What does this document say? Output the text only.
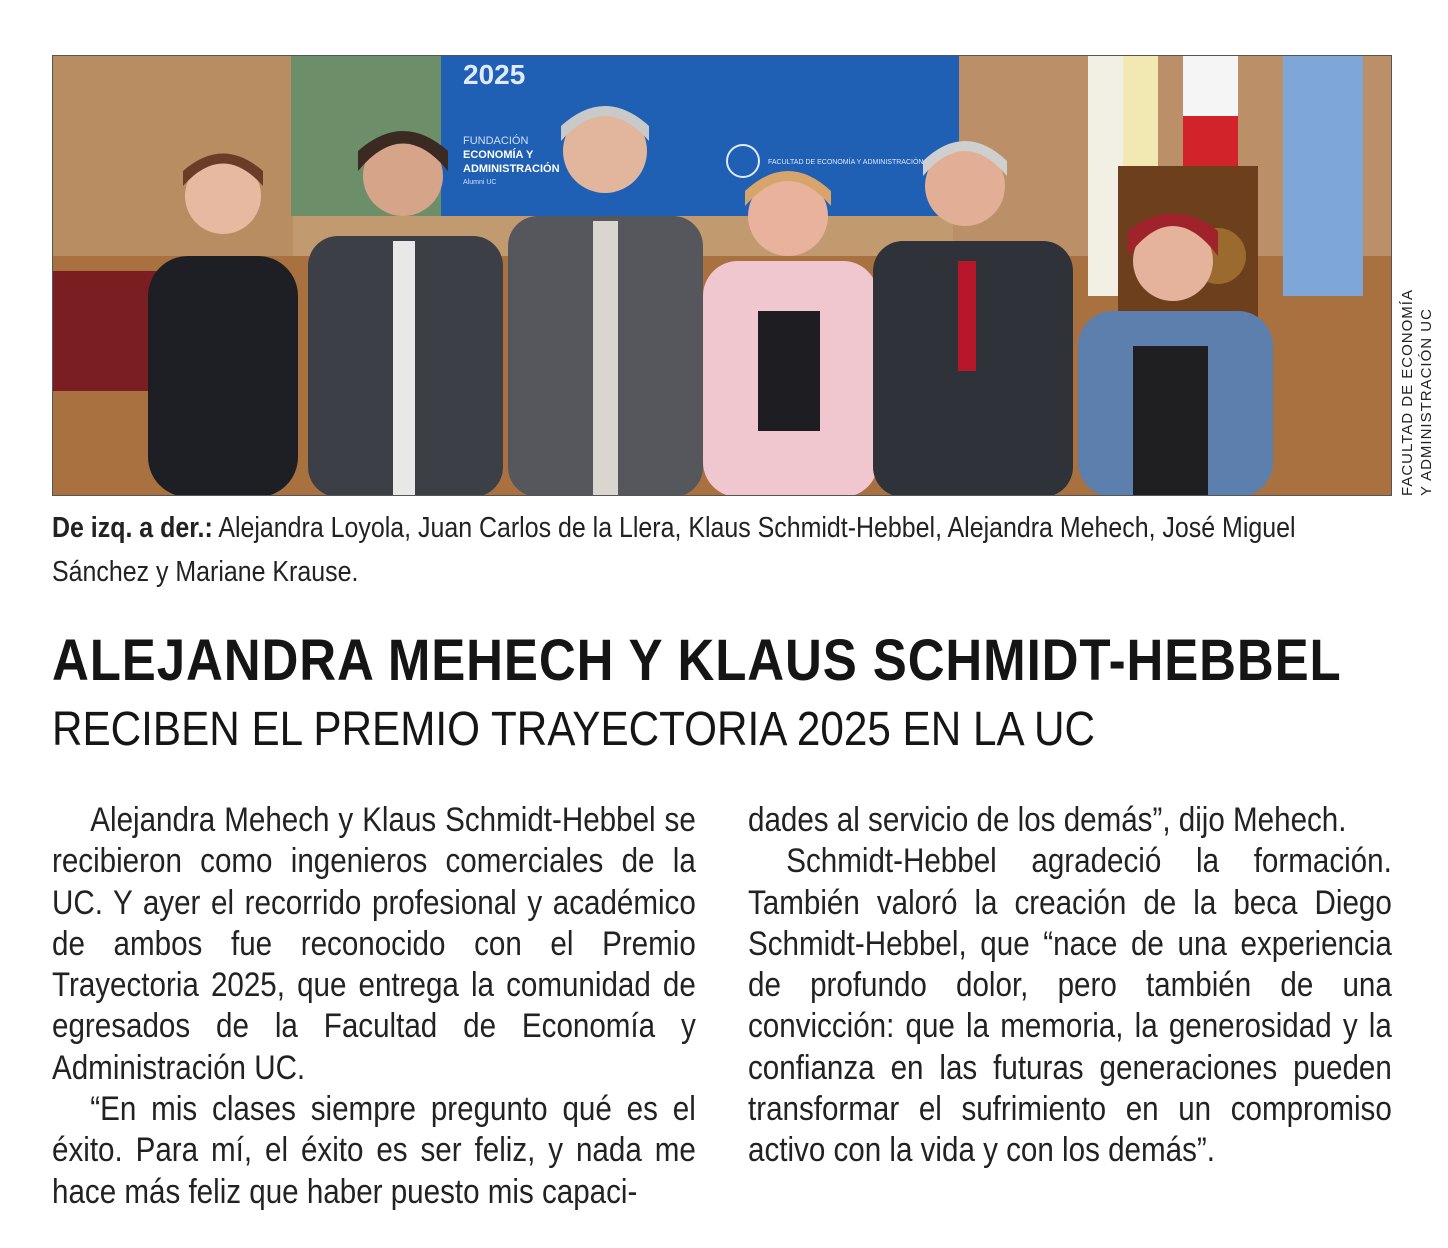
2025
FUNDACIÓN
ECONOMÍA Y
ADMINISTRACIÓN
Alumni UC
FACULTAD DE ECONOMÍA Y ADMINISTRACIÓN
FACULTAD DE ECONOMÍA Y ADMINISTRACIÓN UC
De izq. a der.: Alejandra Loyola, Juan Carlos de la Llera, Klaus Schmidt-Hebbel, Alejandra Mehech, José Miguel Sánchez y Mariane Krause.
ALEJANDRA MEHECH Y KLAUS SCHMIDT-HEBBEL
RECIBEN EL PREMIO TRAYECTORIA 2025 EN LA UC

Alejandra Mehech y Klaus Schmidt-Hebbel se recibieron como ingenieros comerciales de la UC. Y ayer el recorrido profesional y académico de ambos fue reconocido con el Premio Trayectoria 2025, que entrega la comunidad de egresados de la Facultad de Economía y Administración UC.

“En mis clases siempre pregunto qué es el éxito. Para mí, el éxito es ser feliz, y nada me hace más feliz que haber puesto mis capaci-

dades al servicio de los demás”, dijo Mehech.

Schmidt-Hebbel agradeció la formación. También valoró la creación de la beca Diego Schmidt-Hebbel, que “nace de una experiencia de profundo dolor, pero también de una convicción: que la memoria, la generosidad y la confianza en las futuras generaciones pueden transformar el sufrimiento en un compromiso activo con la vida y con los demás”.
